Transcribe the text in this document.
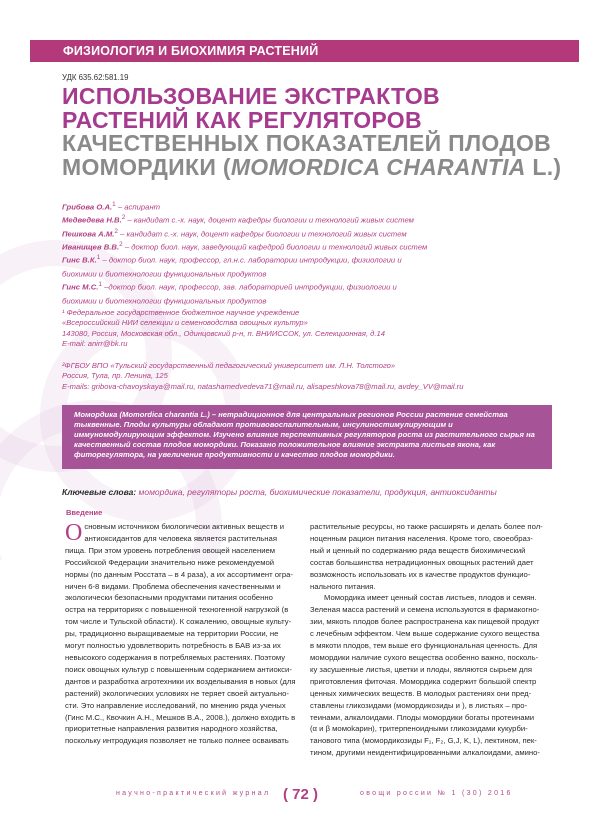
ФИЗИОЛОГИЯ И БИОХИМИЯ РАСТЕНИЙ
УДК 635.62:581.19
ИСПОЛЬЗОВАНИЕ ЭКСТРАКТОВ
РАСТЕНИЙ КАК РЕГУЛЯТОРОВ
КАЧЕСТВЕННЫХ ПОКАЗАТЕЛЕЙ ПЛОДОВ
МОМОРДИКИ (MOMORDICA CHARANTIA L.)
Грибова О.А.$^1$ – аспирант
Медведева Н.В.$^2$ – кандидат с.-х. наук, доцент кафедры биологии и технологий живых систем
Пешкова А.М.$^2$ – кандидат с.-х. наук, доцент кафедры биологии и технологий живых систем
Иванищев В.В.$^2$ – доктор биол. наук, заведующий кафедрой биологии и технологий живых систем
Гинс В.К.$^1$ – доктор биол. наук, профессор, гл.н.с. лаборатории интродукции, физиологии и
биохимии и биотехнологии функциональных продуктов
Гинс М.С.$^1$ –доктор биол. наук, профессор, зав. лабораторией интродукции, физиологии и
биохимии и биотехнологии функциональных продуктов
¹ Федеральное государственное бюджетное научное учреждение
«Всероссийский НИИ селекции и семеноводства овощных культур»
143080, Россия, Московская обл., Одинцовский р-н, п. ВНИИССОК, ул. Селекционная, д.14
E-mail: anirr@bk.ru
²ФГБОУ ВПО «Тульский государственный педагогический университет им. Л.Н. Толстого»
Россия, Тула, пр. Ленина, 125
E-mails: gribova-chavoyskaya@mail.ru, natashamedvedeva71@mail.ru, alisapeshkova78@mail.ru, avdey_VV@mail.ru

Момордика (Momordica charantia L.) – нетрадиционное для центральных регионов России растение семейства тыквенные. Плоды культуры обладают противовоспалительным, инсулиностимулирующим и иммуномодулирующим эффектом. Изучено влияние перспективных регуляторов роста из растительного сырья на качественный состав плодов момордики. Показано положительное влияние экстракта листьев якона, как фиторегулятора, на увеличение продуктивности и качество плодов момордики.

Ключевые слова: момордика, регуляторы роста, биохимические показатели, продукция, антиоксиданты
Введение
О сновным источником биологически активных веществ и
антиоксидантов для человека является растительная
пища. При этом уровень потребления овощей населением
Российской Федерации значительно ниже рекомендуемой
нормы (по данным Росстата – в 4 раза), а их ассортимент огра-
ничен 6-8 видами. Проблема обеспечения качественными и
экологически безопасными продуктами питания особенно
остра на территориях с повышенной техногенной нагрузкой (в
том числе и Тульской области). К сожалению, овощные культу-
ры, традиционно выращиваемые на территории России, не
могут полностью удовлетворить потребность в БАВ из-за их
невысокого содержания в потребляемых растениях. Поэтому
поиск овощных культур с повышенным содержанием антиокси-
дантов и разработка агротехники их возделывания в новых (для
растений) экологических условиях не теряет своей актуально-
сти. Это направление исследований, по мнению ряда ученых
(Гинс М.С., Квочкин А.Н., Мешков В.А., 2008.), должно входить в
приоритетные направления развития народного хозяйства,
поскольку интродукция позволяет не только полнее осваивать
растительные ресурсы, но также расширять и делать более пол-
ноценным рацион питания населения. Кроме того, своеобраз-
ный и ценный по содержанию ряда веществ биохимический
состав большинства нетрадиционных овощных растений дает
возможность использовать их в качестве продуктов функцио-
нального питания.
Момордика имеет ценный состав листьев, плодов и семян.
Зеленая масса растений и семена используются в фармакогно-
зии, мякоть плодов более распространена как пищевой продукт
с лечебным эффектом. Чем выше содержание сухого вещества
в мякоти плодов, тем выше его функциональная ценность. Для
момордики наличие сухого вещества особенно важно, посколь-
ку засушенные листья, цветки и плоды, являются сырьем для
приготовления фиточая. Момордика содержит большой спектр
ценных химических веществ. В молодых растениях они пред-
ставлены гликозидами (момордикозиды и ), в листьях – про-
теинами, алкалоидами. Плоды момордики богаты протеинами
(α и β момоkарин), тритерпеноидными гликозидами кукурби-
танового типа (момордикозиды F₁, F₂, G,J, K, L), лектином, пек-
тином, другими неидентифицированными алкалоидами, амино-
научно-практический журнал ( 72 )	овощи россии № 1 (30) 2016
